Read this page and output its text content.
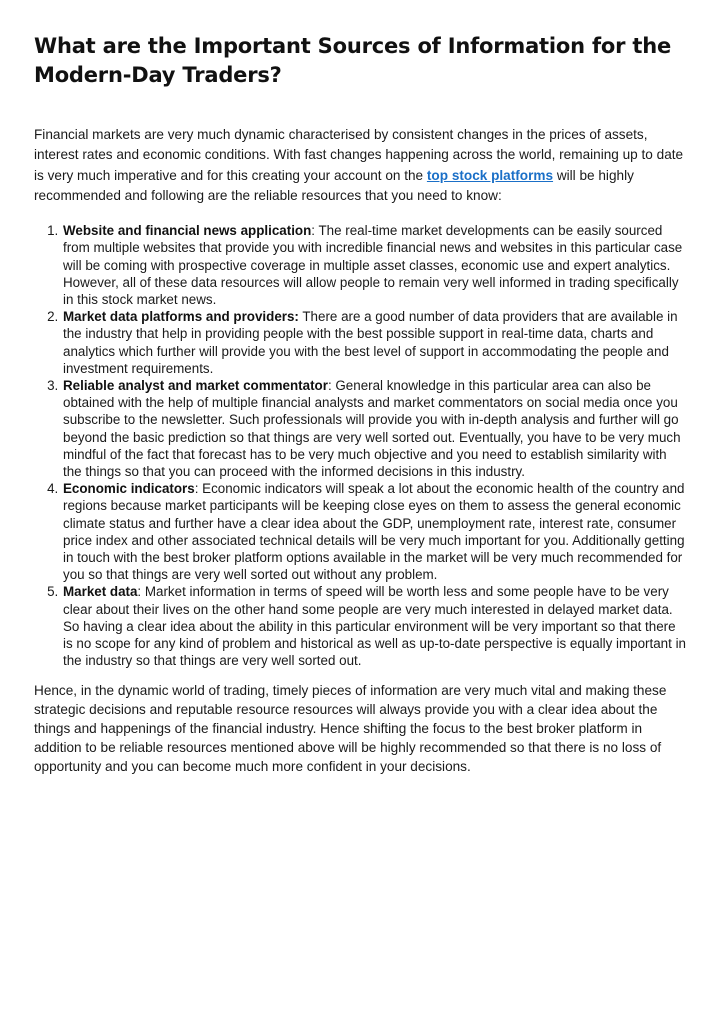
What are the Important Sources of Information for the Modern-Day Traders?

Financial markets are very much dynamic characterised by consistent changes in the prices of assets, interest rates and economic conditions. With fast changes happening across the world, remaining up to date is very much imperative and for this creating your account on the top stock platforms will be highly recommended and following are the reliable resources that you need to know:

1. Website and financial news application: The real-time market developments can be easily sourced from multiple websites that provide you with incredible financial news and websites in this particular case will be coming with prospective coverage in multiple asset classes, economic use and expert analytics. However, all of these data resources will allow people to remain very well informed in trading specifically in this stock market news.
2. Market data platforms and providers: There are a good number of data providers that are available in the industry that help in providing people with the best possible support in real-time data, charts and analytics which further will provide you with the best level of support in accommodating the people and investment requirements.
3. Reliable analyst and market commentator: General knowledge in this particular area can also be obtained with the help of multiple financial analysts and market commentators on social media once you subscribe to the newsletter. Such professionals will provide you with in-depth analysis and further will go beyond the basic prediction so that things are very well sorted out. Eventually, you have to be very much mindful of the fact that forecast has to be very much objective and you need to establish similarity with the things so that you can proceed with the informed decisions in this industry.
4. Economic indicators: Economic indicators will speak a lot about the economic health of the country and regions because market participants will be keeping close eyes on them to assess the general economic climate status and further have a clear idea about the GDP, unemployment rate, interest rate, consumer price index and other associated technical details will be very much important for you. Additionally getting in touch with the best broker platform options available in the market will be very much recommended for you so that things are very well sorted out without any problem.
5. Market data: Market information in terms of speed will be worth less and some people have to be very clear about their lives on the other hand some people are very much interested in delayed market data. So having a clear idea about the ability in this particular environment will be very important so that there is no scope for any kind of problem and historical as well as up-to-date perspective is equally important in the industry so that things are very well sorted out.

Hence, in the dynamic world of trading, timely pieces of information are very much vital and making these strategic decisions and reputable resource resources will always provide you with a clear idea about the things and happenings of the financial industry. Hence shifting the focus to the best broker platform in addition to be reliable resources mentioned above will be highly recommended so that there is no loss of opportunity and you can become much more confident in your decisions.
